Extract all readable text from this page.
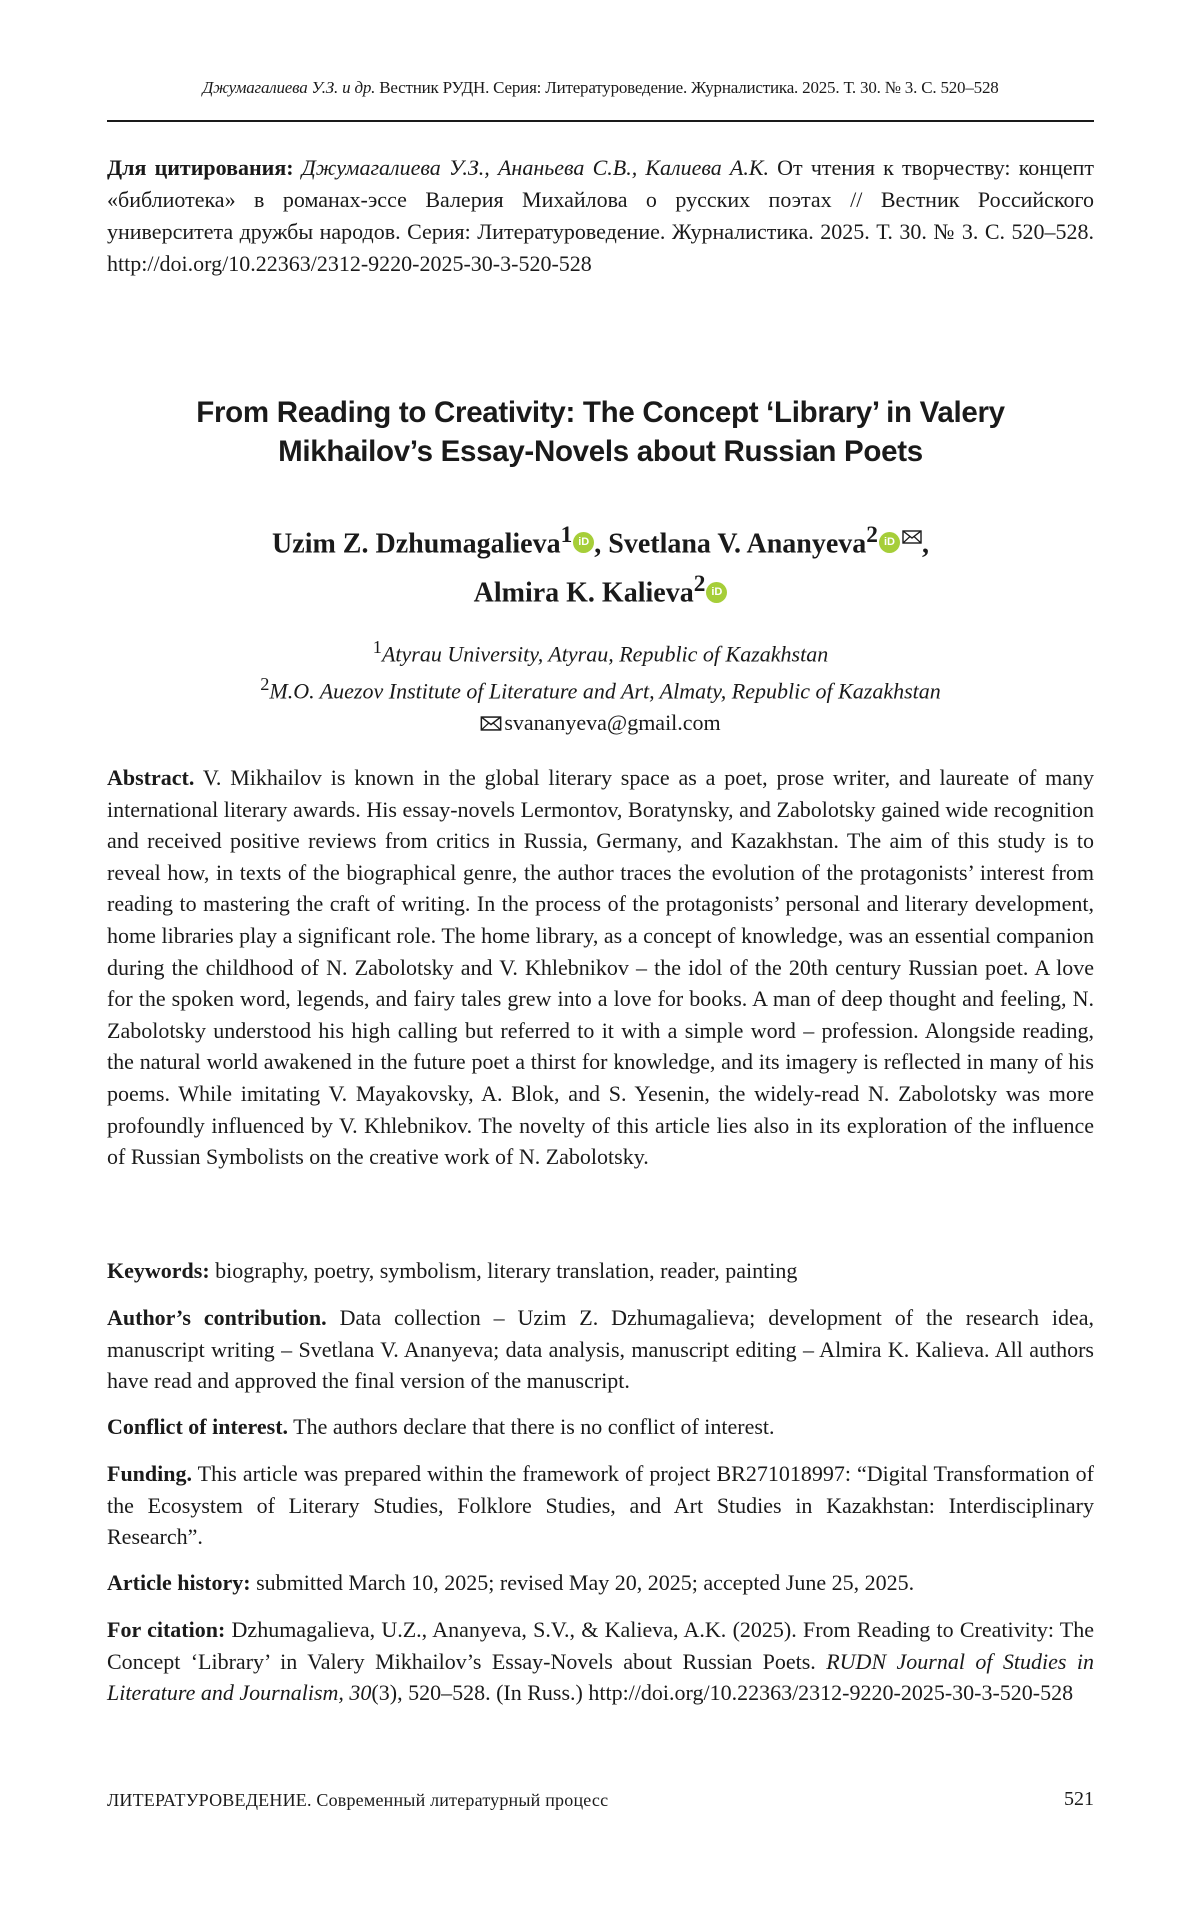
Джумагалиева У.З. и др. Вестник РУДН. Серия: Литературоведение. Журналистика. 2025. Т. 30. № 3. С. 520–528
Для цитирования: Джумагалиева У.З., Ананьева С.В., Калиева А.К. От чтения к творчеству: концепт «библиотека» в романах-эссе Валерия Михайлова о русских поэтах // Вестник Российского университета дружбы народов. Серия: Литературоведение. Журналистика. 2025. Т. 30. № 3. С. 520–528. http://doi.org/10.22363/2312-9220-2025-30-3-520-528
From Reading to Creativity: The Concept ‘Library’ in Valery
Mikhailov’s Essay-Novels about Russian Poets
Uzim Z. Dzhumagalieva$^1$ iD , Svetlana V. Ananyeva$^2$ iD ,
Almira K. Kalieva$^2$ iD
$^1$Atyrau University, Atyrau, Republic of Kazakhstan
$^2$M.O. Auezov Institute of Literature and Art, Almaty, Republic of Kazakhstan
svananyeva@gmail.com
Abstract. V. Mikhailov is known in the global literary space as a poet, prose writer, and laureate of many international literary awards. His essay-novels Lermontov, Boratynsky, and Zabolotsky gained wide recognition and received positive reviews from critics in Russia, Germany, and Kazakhstan. The aim of this study is to reveal how, in texts of the biographical genre, the author traces the evolution of the protagonists’ interest from reading to mastering the craft of writing. In the process of the protagonists’ personal and literary development, home libraries play a significant role. The home library, as a concept of knowledge, was an essential companion during the childhood of N. Zabolotsky and V. Khlebnikov – the idol of the 20th century Russian poet. A love for the spoken word, legends, and fairy tales grew into a love for books. A man of deep thought and feeling, N. Zabolotsky understood his high calling but referred to it with a simple word – profession. Alongside reading, the natural world awakened in the future poet a thirst for knowledge, and its imagery is reflected in many of his poems. While imitating V. Mayakovsky, A. Blok, and S. Yesenin, the widely-read N. Zabolotsky was more profoundly influenced by V. Khlebnikov. The novelty of this article lies also in its exploration of the influence of Russian Symbolists on the creative work of N. Zabolotsky.
Keywords: biography, poetry, symbolism, literary translation, reader, painting
Author’s contribution. Data collection – Uzim Z. Dzhumagalieva; development of the research idea, manuscript writing – Svetlana V. Ananyeva; data analysis, manuscript editing – Almira K. Kalieva. All authors have read and approved the final version of the manuscript.
Conflict of interest. The authors declare that there is no conflict of interest.
Funding. This article was prepared within the framework of project BR271018997: “Digital Transformation of the Ecosystem of Literary Studies, Folklore Studies, and Art Studies in Kazakhstan: Interdisciplinary Research”.
Article history: submitted March 10, 2025; revised May 20, 2025; accepted June 25, 2025.
For citation: Dzhumagalieva, U.Z., Ananyeva, S.V., & Kalieva, A.K. (2025). From Reading to Creativity: The Concept ‘Library’ in Valery Mikhailov’s Essay-Novels about Russian Poets. RUDN Journal of Studies in Literature and Journalism, 30(3), 520–528. (In Russ.) http://doi.org/10.22363/2312-9220-2025-30-3-520-528
ЛИТЕРАТУРОВЕДЕНИЕ. Современный литературный процесс	521
